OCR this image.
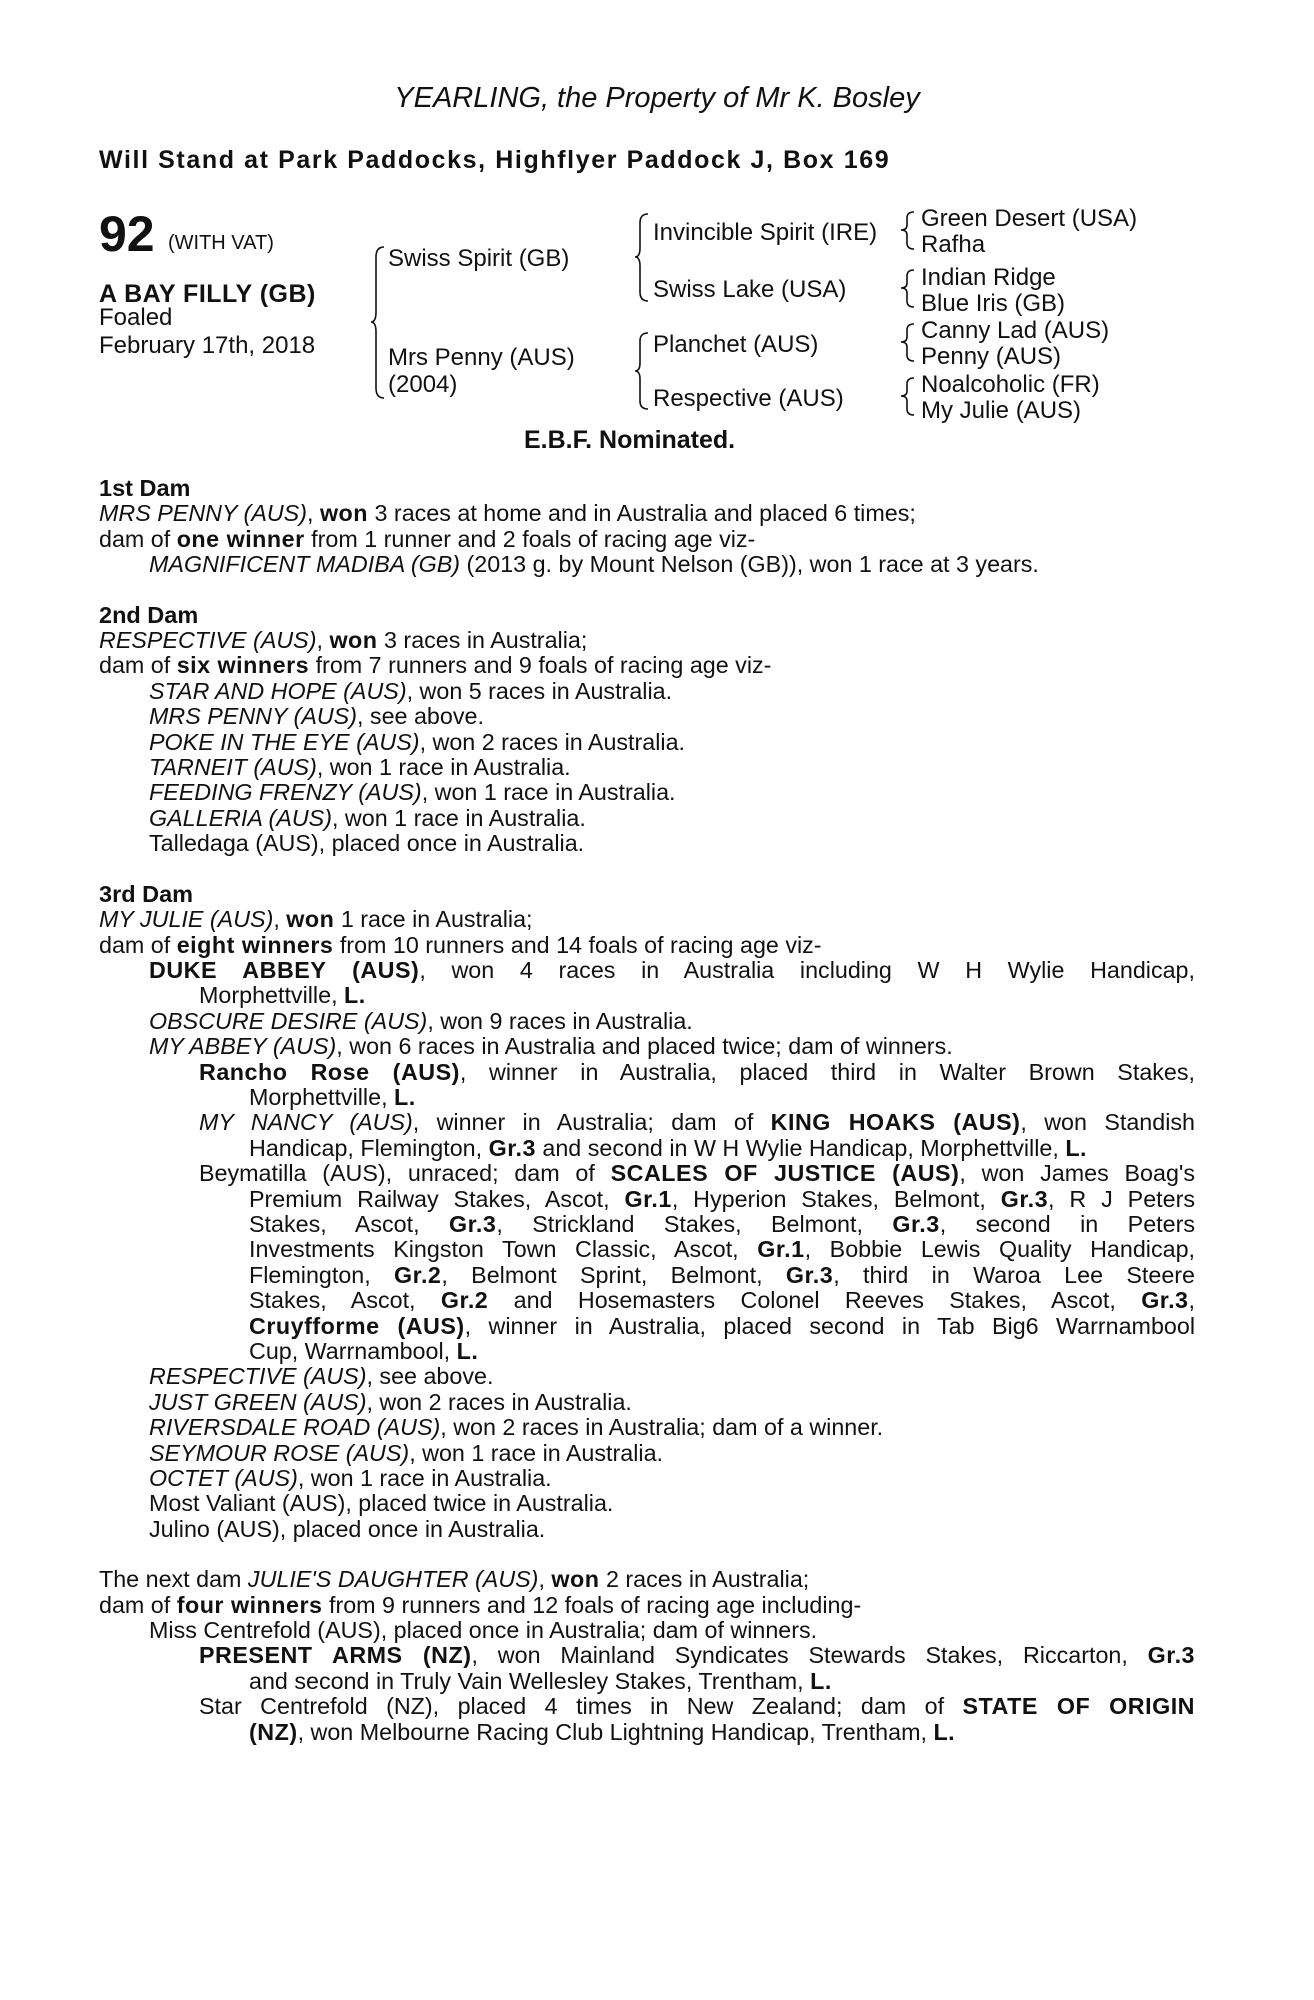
YEARLING, the Property of Mr K. Bosley
Will Stand at Park Paddocks, Highflyer Paddock J, Box 169
92 (WITH VAT)
A BAY FILLY (GB)
Foaled
February 17th, 2018
Swiss Spirit (GB)
Mrs Penny (AUS)
(2004)
Invincible Spirit (IRE)
Swiss Lake (USA)
Planchet (AUS)
Respective (AUS)
Green Desert (USA)
Rafha
Indian Ridge
Blue Iris (GB)
Canny Lad (AUS)
Penny (AUS)
Noalcoholic (FR)
My Julie (AUS)
E.B.F. Nominated.
1st Dam
MRS PENNY (AUS), won 3 races at home and in Australia and placed 6 times;
dam of one winner from 1 runner and 2 foals of racing age viz-
MAGNIFICENT MADIBA (GB) (2013 g. by Mount Nelson (GB)), won 1 race at 3 years.
2nd Dam
RESPECTIVE (AUS), won 3 races in Australia;
dam of six winners from 7 runners and 9 foals of racing age viz-
STAR AND HOPE (AUS), won 5 races in Australia.
MRS PENNY (AUS), see above.
POKE IN THE EYE (AUS), won 2 races in Australia.
TARNEIT (AUS), won 1 race in Australia.
FEEDING FRENZY (AUS), won 1 race in Australia.
GALLERIA (AUS), won 1 race in Australia.
Talledaga (AUS), placed once in Australia.
3rd Dam
MY JULIE (AUS), won 1 race in Australia;
dam of eight winners from 10 runners and 14 foals of racing age viz-
DUKE ABBEY (AUS), won 4 races in Australia including W H Wylie Handicap,
Morphettville, L.
OBSCURE DESIRE (AUS), won 9 races in Australia.
MY ABBEY (AUS), won 6 races in Australia and placed twice; dam of winners.
Rancho Rose (AUS), winner in Australia, placed third in Walter Brown Stakes,
Morphettville, L.
MY NANCY (AUS), winner in Australia; dam of KING HOAKS (AUS), won Standish
Handicap, Flemington, Gr.3 and second in W H Wylie Handicap, Morphettville, L.
Beymatilla (AUS), unraced; dam of SCALES OF JUSTICE (AUS), won James Boag's
Premium Railway Stakes, Ascot, Gr.1, Hyperion Stakes, Belmont, Gr.3, R J Peters
Stakes, Ascot, Gr.3, Strickland Stakes, Belmont, Gr.3, second in Peters
Investments Kingston Town Classic, Ascot, Gr.1, Bobbie Lewis Quality Handicap,
Flemington, Gr.2, Belmont Sprint, Belmont, Gr.3, third in Waroa Lee Steere
Stakes, Ascot, Gr.2 and Hosemasters Colonel Reeves Stakes, Ascot, Gr.3,
Cruyfforme (AUS), winner in Australia, placed second in Tab Big6 Warrnambool
Cup, Warrnambool, L.
RESPECTIVE (AUS), see above.
JUST GREEN (AUS), won 2 races in Australia.
RIVERSDALE ROAD (AUS), won 2 races in Australia; dam of a winner.
SEYMOUR ROSE (AUS), won 1 race in Australia.
OCTET (AUS), won 1 race in Australia.
Most Valiant (AUS), placed twice in Australia.
Julino (AUS), placed once in Australia.
The next dam JULIE'S DAUGHTER (AUS), won 2 races in Australia;
dam of four winners from 9 runners and 12 foals of racing age including-
Miss Centrefold (AUS), placed once in Australia; dam of winners.
PRESENT ARMS (NZ), won Mainland Syndicates Stewards Stakes, Riccarton, Gr.3
and second in Truly Vain Wellesley Stakes, Trentham, L.
Star Centrefold (NZ), placed 4 times in New Zealand; dam of STATE OF ORIGIN
(NZ), won Melbourne Racing Club Lightning Handicap, Trentham, L.
